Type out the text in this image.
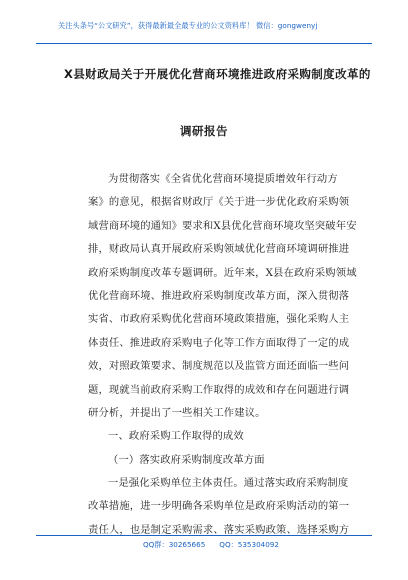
关注头条号“公文研究”，获得最新最全最专业的公文资料库！ 微信：gongwenyj
X县财政局关于开展优化营商环境推进政府采购制度改革的
调研报告
为贯彻落实《全省优化营商环境提质增效年行动方
案》的意见，根据省财政厅《关于进一步优化政府采购领
域营商环境的通知》要求和X县优化营商环境攻坚突破年安
排，财政局认真开展政府采购领域优化营商环境调研推进
政府采购制度改革专题调研。近年来，X县在政府采购领域
优化营商环境、推进政府采购制度改革方面，深入贯彻落
实省、市政府采购优化营商环境政策措施，强化采购人主
体责任、推进政府采购电子化等工作方面取得了一定的成
效，对照政策要求、制度规范以及监管方面还面临一些问
题，现就当前政府采购工作取得的成效和存在问题进行调
研分析，并提出了一些相关工作建议。
一、政府采购工作取得的成效
（一）落实政府采购制度改革方面
一是强化采购单位主体责任。通过落实政府采购制度
改革措施，进一步明确各采购单位是政府采购活动的第一
责任人，也是制定采购需求、落实采购政策、选择采购方
QQ群：30265665 QQ：535304092
